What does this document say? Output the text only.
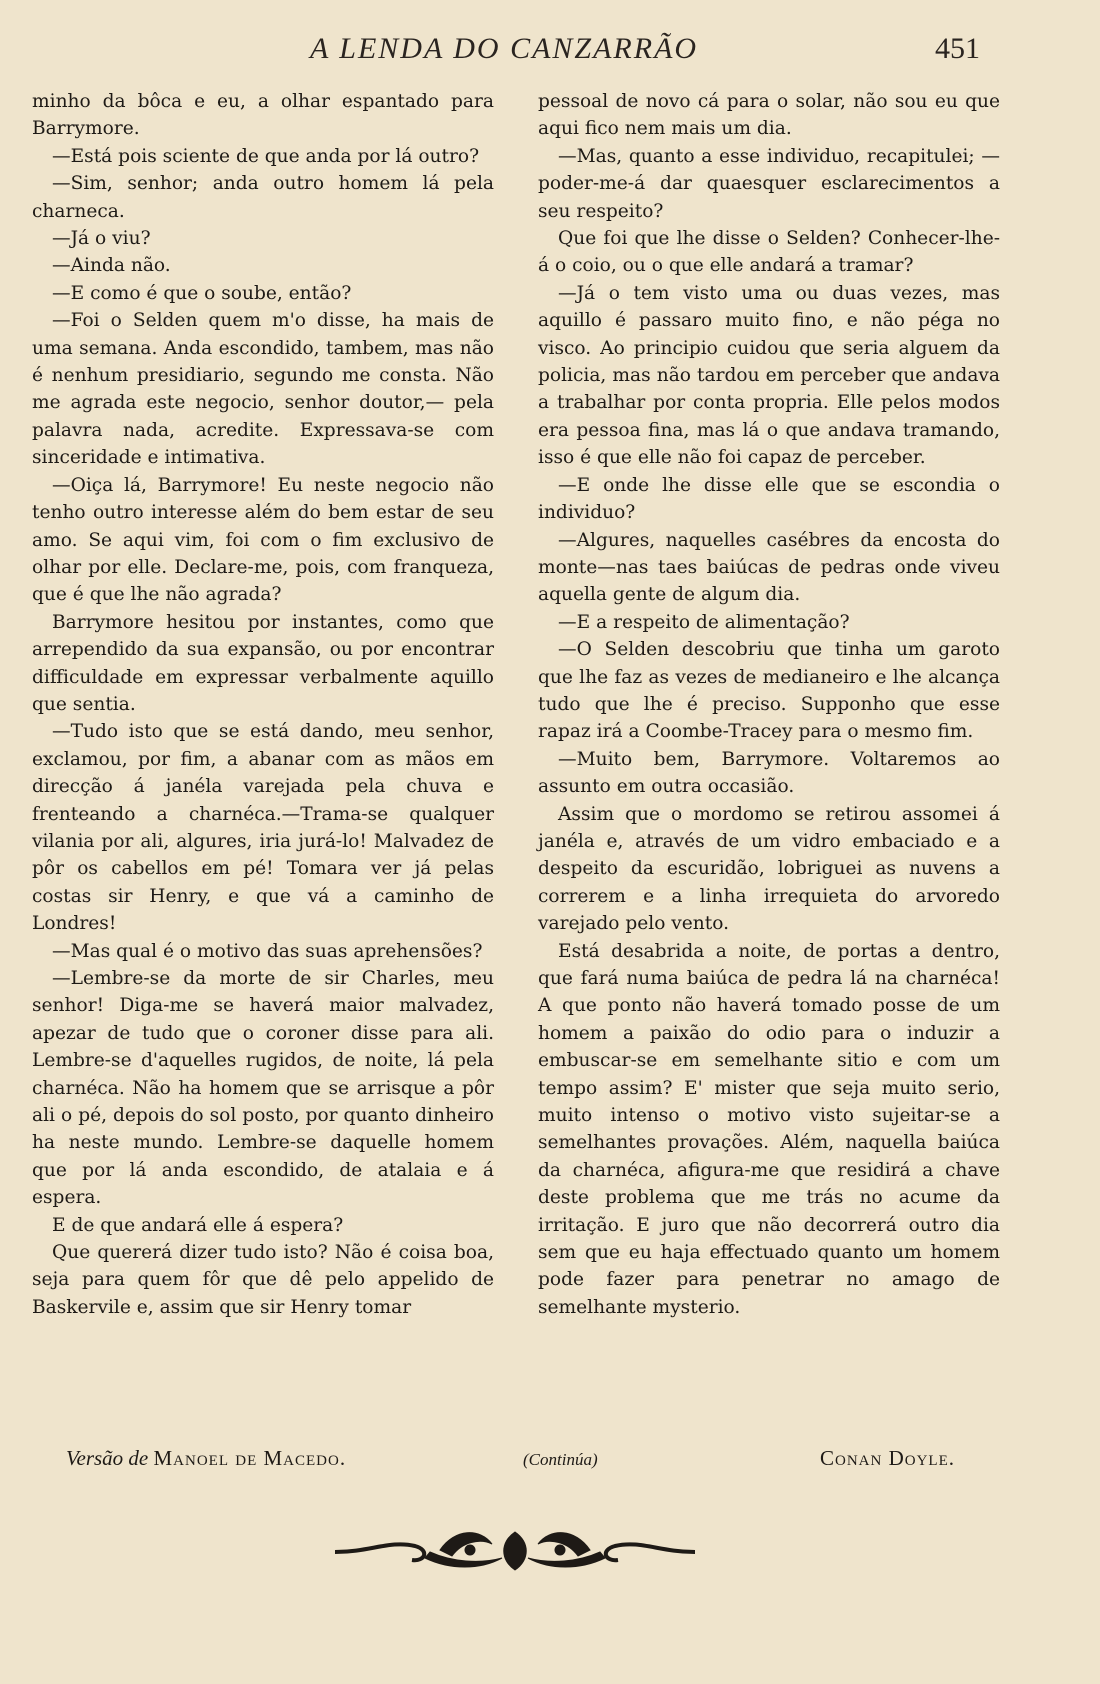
A LENDA DO CANZARRÃO	451

minho da bôca e eu, a olhar espantado para Barrymore.

—Está pois sciente de que anda por lá outro?

—Sim, senhor; anda outro homem lá pela charneca.

—Já o viu?

—Ainda não.

—E como é que o soube, então?

—Foi o Selden quem m'o disse, ha mais de uma semana. Anda escondido, tambem, mas não é nenhum presidiario, segundo me consta. Não me agrada este negocio, senhor doutor,— pela palavra nada, acredite. Expressava-se com sinceridade e intimativa.

—Oiça lá, Barrymore! Eu neste negocio não tenho outro interesse além do bem estar de seu amo. Se aqui vim, foi com o fim exclusivo de olhar por elle. Declare-me, pois, com franqueza, que é que lhe não agrada?

Barrymore hesitou por instantes, como que arrependido da sua expansão, ou por encontrar difficuldade em expressar verbalmente aquillo que sentia.

—Tudo isto que se está dando, meu senhor, exclamou, por fim, a abanar com as mãos em direcção á janéla varejada pela chuva e frenteando a charnéca.—Trama-se qualquer vilania por ali, algures, iria jurá-lo! Malvadez de pôr os cabellos em pé! Tomara ver já pelas costas sir Henry, e que vá a caminho de Londres!

—Mas qual é o motivo das suas aprehensões?

—Lembre-se da morte de sir Charles, meu senhor! Diga-me se haverá maior malvadez, apezar de tudo que o coroner disse para ali. Lembre-se d'aquelles rugidos, de noite, lá pela charnéca. Não ha homem que se arrisque a pôr ali o pé, depois do sol posto, por quanto dinheiro ha neste mundo. Lembre-se daquelle homem que por lá anda escondido, de atalaia e á espera.

E de que andará elle á espera?

Que quererá dizer tudo isto? Não é coisa boa, seja para quem fôr que dê pelo appelido de Baskervile e, assim que sir Henry tomar

pessoal de novo cá para o solar, não sou eu que aqui fico nem mais um dia.

—Mas, quanto a esse individuo, recapitulei; —poder-me-á dar quaesquer esclarecimentos a seu respeito?

Que foi que lhe disse o Selden? Conhecer-lhe-á o coio, ou o que elle andará a tramar?

—Já o tem visto uma ou duas vezes, mas aquillo é passaro muito fino, e não péga no visco. Ao principio cuidou que seria alguem da policia, mas não tardou em perceber que andava a trabalhar por conta propria. Elle pelos modos era pessoa fina, mas lá o que andava tramando, isso é que elle não foi capaz de perceber.

—E onde lhe disse elle que se escondia o individuo?

—Algures, naquelles casébres da encosta do monte—nas taes baiúcas de pedras onde viveu aquella gente de algum dia.

—E a respeito de alimentação?

—O Selden descobriu que tinha um garoto que lhe faz as vezes de medianeiro e lhe alcança tudo que lhe é preciso. Supponho que esse rapaz irá a Coombe-Tracey para o mesmo fim.

—Muito bem, Barrymore. Voltaremos ao assunto em outra occasião.

Assim que o mordomo se retirou assomei á janéla e, através de um vidro embaciado e a despeito da escuridão, lobriguei as nuvens a correrem e a linha irrequieta do arvoredo varejado pelo vento.

Está desabrida a noite, de portas a dentro, que fará numa baiúca de pedra lá na charnéca! A que ponto não haverá tomado posse de um homem a paixão do odio para o induzir a embuscar-se em semelhante sitio e com um tempo assim? E' mister que seja muito serio, muito intenso o motivo visto sujeitar-se a semelhantes provações. Além, naquella baiúca da charnéca, afigura-me que residirá a chave deste problema que me trás no acume da irritação. E juro que não decorrerá outro dia sem que eu haja effectuado quanto um homem pode fazer para penetrar no amago de semelhante mysterio.

Versão de Manoel de Macedo.	(Continúa)	Conan Doyle.
